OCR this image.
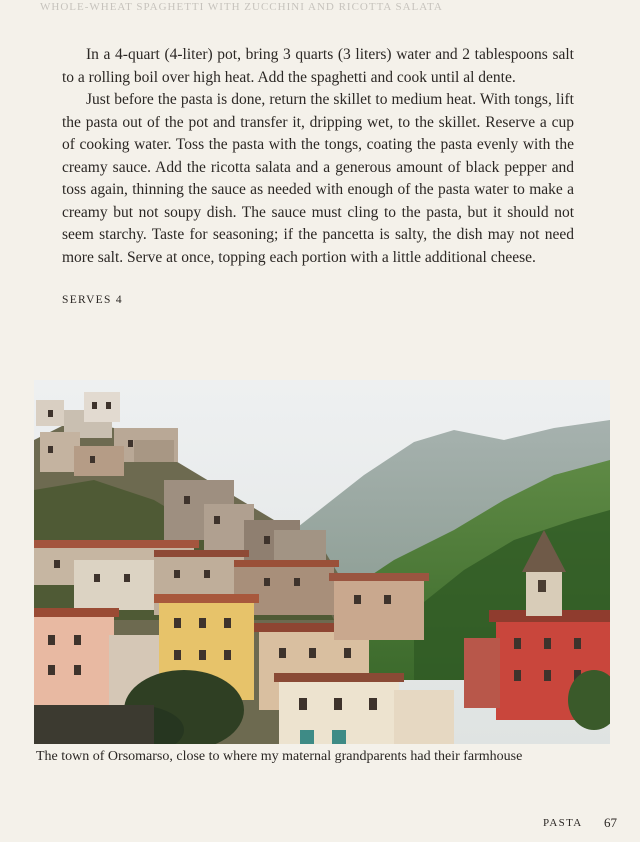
WHOLE-WHEAT SPAGHETTI WITH ZUCCHINI AND RICOTTA SALATA

In a 4-quart (4-liter) pot, bring 3 quarts (3 liters) water and 2 tablespoons salt to a rolling boil over high heat. Add the spaghetti and cook until al dente.

Just before the pasta is done, return the skillet to medium heat. With tongs, lift the pasta out of the pot and transfer it, dripping wet, to the skillet. Reserve a cup of cooking water. Toss the pasta with the tongs, coating the pasta evenly with the creamy sauce. Add the ricotta salata and a generous amount of black pepper and toss again, thinning the sauce as needed with enough of the pasta water to make a creamy but not soupy dish. The sauce must cling to the pasta, but it should not seem starchy. Taste for seasoning; if the pancetta is salty, the dish may not need more salt. Serve at once, topping each portion with a little additional cheese.

SERVES 4
The town of Orsomarso, close to where my maternal grandparents had their farmhouse
PASTA 67
